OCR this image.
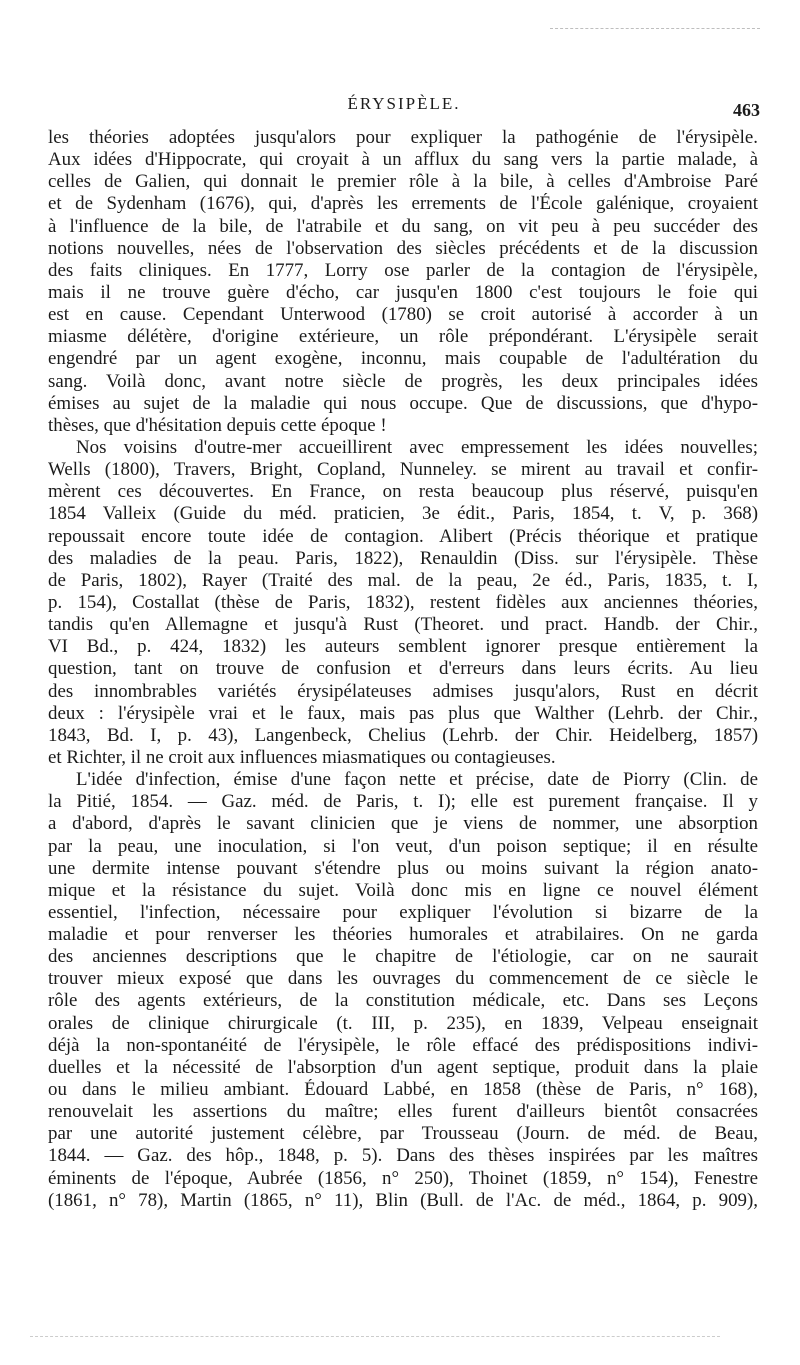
ÉRYSIPÈLE.	463
les théories adoptées jusqu'alors pour expliquer la pathogénie de l'érysipèle.
Aux idées d'Hippocrate, qui croyait à un afflux du sang vers la partie malade, à
celles de Galien, qui donnait le premier rôle à la bile, à celles d'Ambroise Paré
et de Sydenham (1676), qui, d'après les errements de l'École galénique, croyaient
à l'influence de la bile, de l'atrabile et du sang, on vit peu à peu succéder des
notions nouvelles, nées de l'observation des siècles précédents et de la discussion
des faits cliniques. En 1777, Lorry ose parler de la contagion de l'érysipèle,
mais il ne trouve guère d'écho, car jusqu'en 1800 c'est toujours le foie qui
est en cause. Cependant Unterwood (1780) se croit autorisé à accorder à un
miasme délétère, d'origine extérieure, un rôle prépondérant. L'érysipèle serait
engendré par un agent exogène, inconnu, mais coupable de l'adultération du
sang. Voilà donc, avant notre siècle de progrès, les deux principales idées
émises au sujet de la maladie qui nous occupe. Que de discussions, que d'hypo-
thèses, que d'hésitation depuis cette époque !
Nos voisins d'outre-mer accueillirent avec empressement les idées nouvelles;
Wells (1800), Travers, Bright, Copland, Nunneley. se mirent au travail et confir-
mèrent ces découvertes. En France, on resta beaucoup plus réservé, puisqu'en
1854 Valleix (Guide du méd. praticien, 3e édit., Paris, 1854, t. V, p. 368)
repoussait encore toute idée de contagion. Alibert (Précis théorique et pratique
des maladies de la peau. Paris, 1822), Renauldin (Diss. sur l'érysipèle. Thèse
de Paris, 1802), Rayer (Traité des mal. de la peau, 2e éd., Paris, 1835, t. I,
p. 154), Costallat (thèse de Paris, 1832), restent fidèles aux anciennes théories,
tandis qu'en Allemagne et jusqu'à Rust (Theoret. und pract. Handb. der Chir.,
VI Bd., p. 424, 1832) les auteurs semblent ignorer presque entièrement la
question, tant on trouve de confusion et d'erreurs dans leurs écrits. Au lieu
des innombrables variétés érysipélateuses admises jusqu'alors, Rust en décrit
deux : l'érysipèle vrai et le faux, mais pas plus que Walther (Lehrb. der Chir.,
1843, Bd. I, p. 43), Langenbeck, Chelius (Lehrb. der Chir. Heidelberg, 1857)
et Richter, il ne croit aux influences miasmatiques ou contagieuses.
L'idée d'infection, émise d'une façon nette et précise, date de Piorry (Clin. de
la Pitié, 1854. — Gaz. méd. de Paris, t. I); elle est purement française. Il y
a d'abord, d'après le savant clinicien que je viens de nommer, une absorption
par la peau, une inoculation, si l'on veut, d'un poison septique; il en résulte
une dermite intense pouvant s'étendre plus ou moins suivant la région anato-
mique et la résistance du sujet. Voilà donc mis en ligne ce nouvel élément
essentiel, l'infection, nécessaire pour expliquer l'évolution si bizarre de la
maladie et pour renverser les théories humorales et atrabilaires. On ne garda
des anciennes descriptions que le chapitre de l'étiologie, car on ne saurait
trouver mieux exposé que dans les ouvrages du commencement de ce siècle le
rôle des agents extérieurs, de la constitution médicale, etc. Dans ses Leçons
orales de clinique chirurgicale (t. III, p. 235), en 1839, Velpeau enseignait
déjà la non-spontanéité de l'érysipèle, le rôle effacé des prédispositions indivi-
duelles et la nécessité de l'absorption d'un agent septique, produit dans la plaie
ou dans le milieu ambiant. Édouard Labbé, en 1858 (thèse de Paris, n° 168),
renouvelait les assertions du maître; elles furent d'ailleurs bientôt consacrées
par une autorité justement célèbre, par Trousseau (Journ. de méd. de Beau,
1844. — Gaz. des hôp., 1848, p. 5). Dans des thèses inspirées par les maîtres
éminents de l'époque, Aubrée (1856, n° 250), Thoinet (1859, n° 154), Fenestre
(1861, n° 78), Martin (1865, n° 11), Blin (Bull. de l'Ac. de méd., 1864, p. 909),
